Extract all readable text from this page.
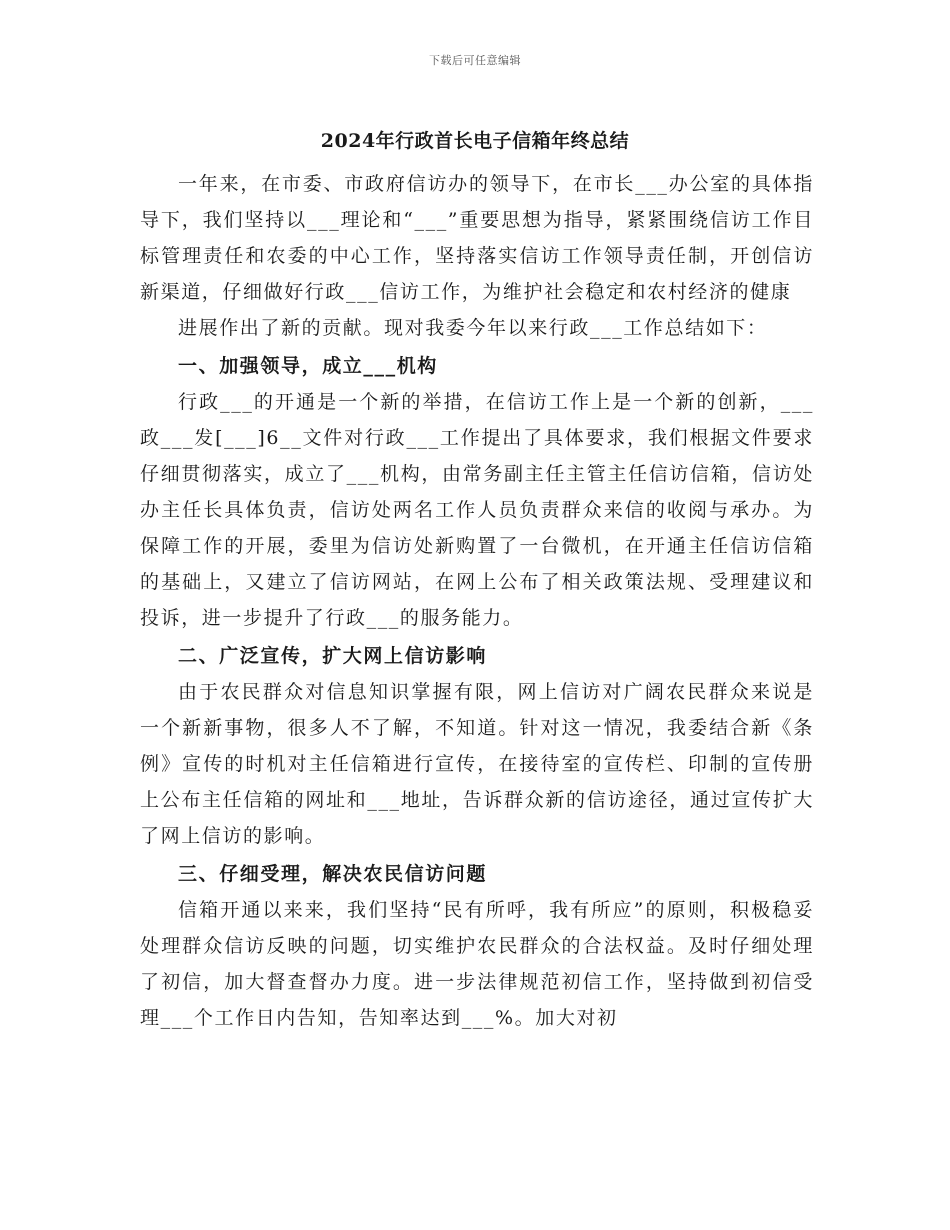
下载后可任意编辑
2024年行政首长电子信箱年终总结

一年来，在市委、市政府信访办的领导下，在市长___办公室的具体指导下，我们坚持以___理论和“___”重要思想为指导，紧紧围绕信访工作目标管理责任和农委的中心工作，坚持落实信访工作领导责任制，开创信访新渠道，仔细做好行政___信访工作，为维护社会稳定和农村经济的健康

进展作出了新的贡献。现对我委今年以来行政___工作总结如下：

一、加强领导，成立___机构

行政___的开通是一个新的举措，在信访工作上是一个新的创新，___政___发[___]6__文件对行政___工作提出了具体要求，我们根据文件要求仔细贯彻落实，成立了___机构，由常务副主任主管主任信访信箱，信访处办主任长具体负责，信访处两名工作人员负责群众来信的收阅与承办。为保障工作的开展，委里为信访处新购置了一台微机，在开通主任信访信箱的基础上，又建立了信访网站，在网上公布了相关政策法规、受理建议和投诉，进一步提升了行政___的服务能力。

二、广泛宣传，扩大网上信访影响

由于农民群众对信息知识掌握有限，网上信访对广阔农民群众来说是一个新新事物，很多人不了解，不知道。针对这一情况，我委结合新《条例》宣传的时机对主任信箱进行宣传，在接待室的宣传栏、印制的宣传册上公布主任信箱的网址和___地址，告诉群众新的信访途径，通过宣传扩大了网上信访的影响。

三、仔细受理，解决农民信访问题

信箱开通以来来，我们坚持“民有所呼，我有所应”的原则，积极稳妥处理群众信访反映的问题，切实维护农民群众的合法权益。及时仔细处理了初信，加大督查督办力度。进一步法律规范初信工作，坚持做到初信受理___个工作日内告知，告知率达到___%。加大对初
